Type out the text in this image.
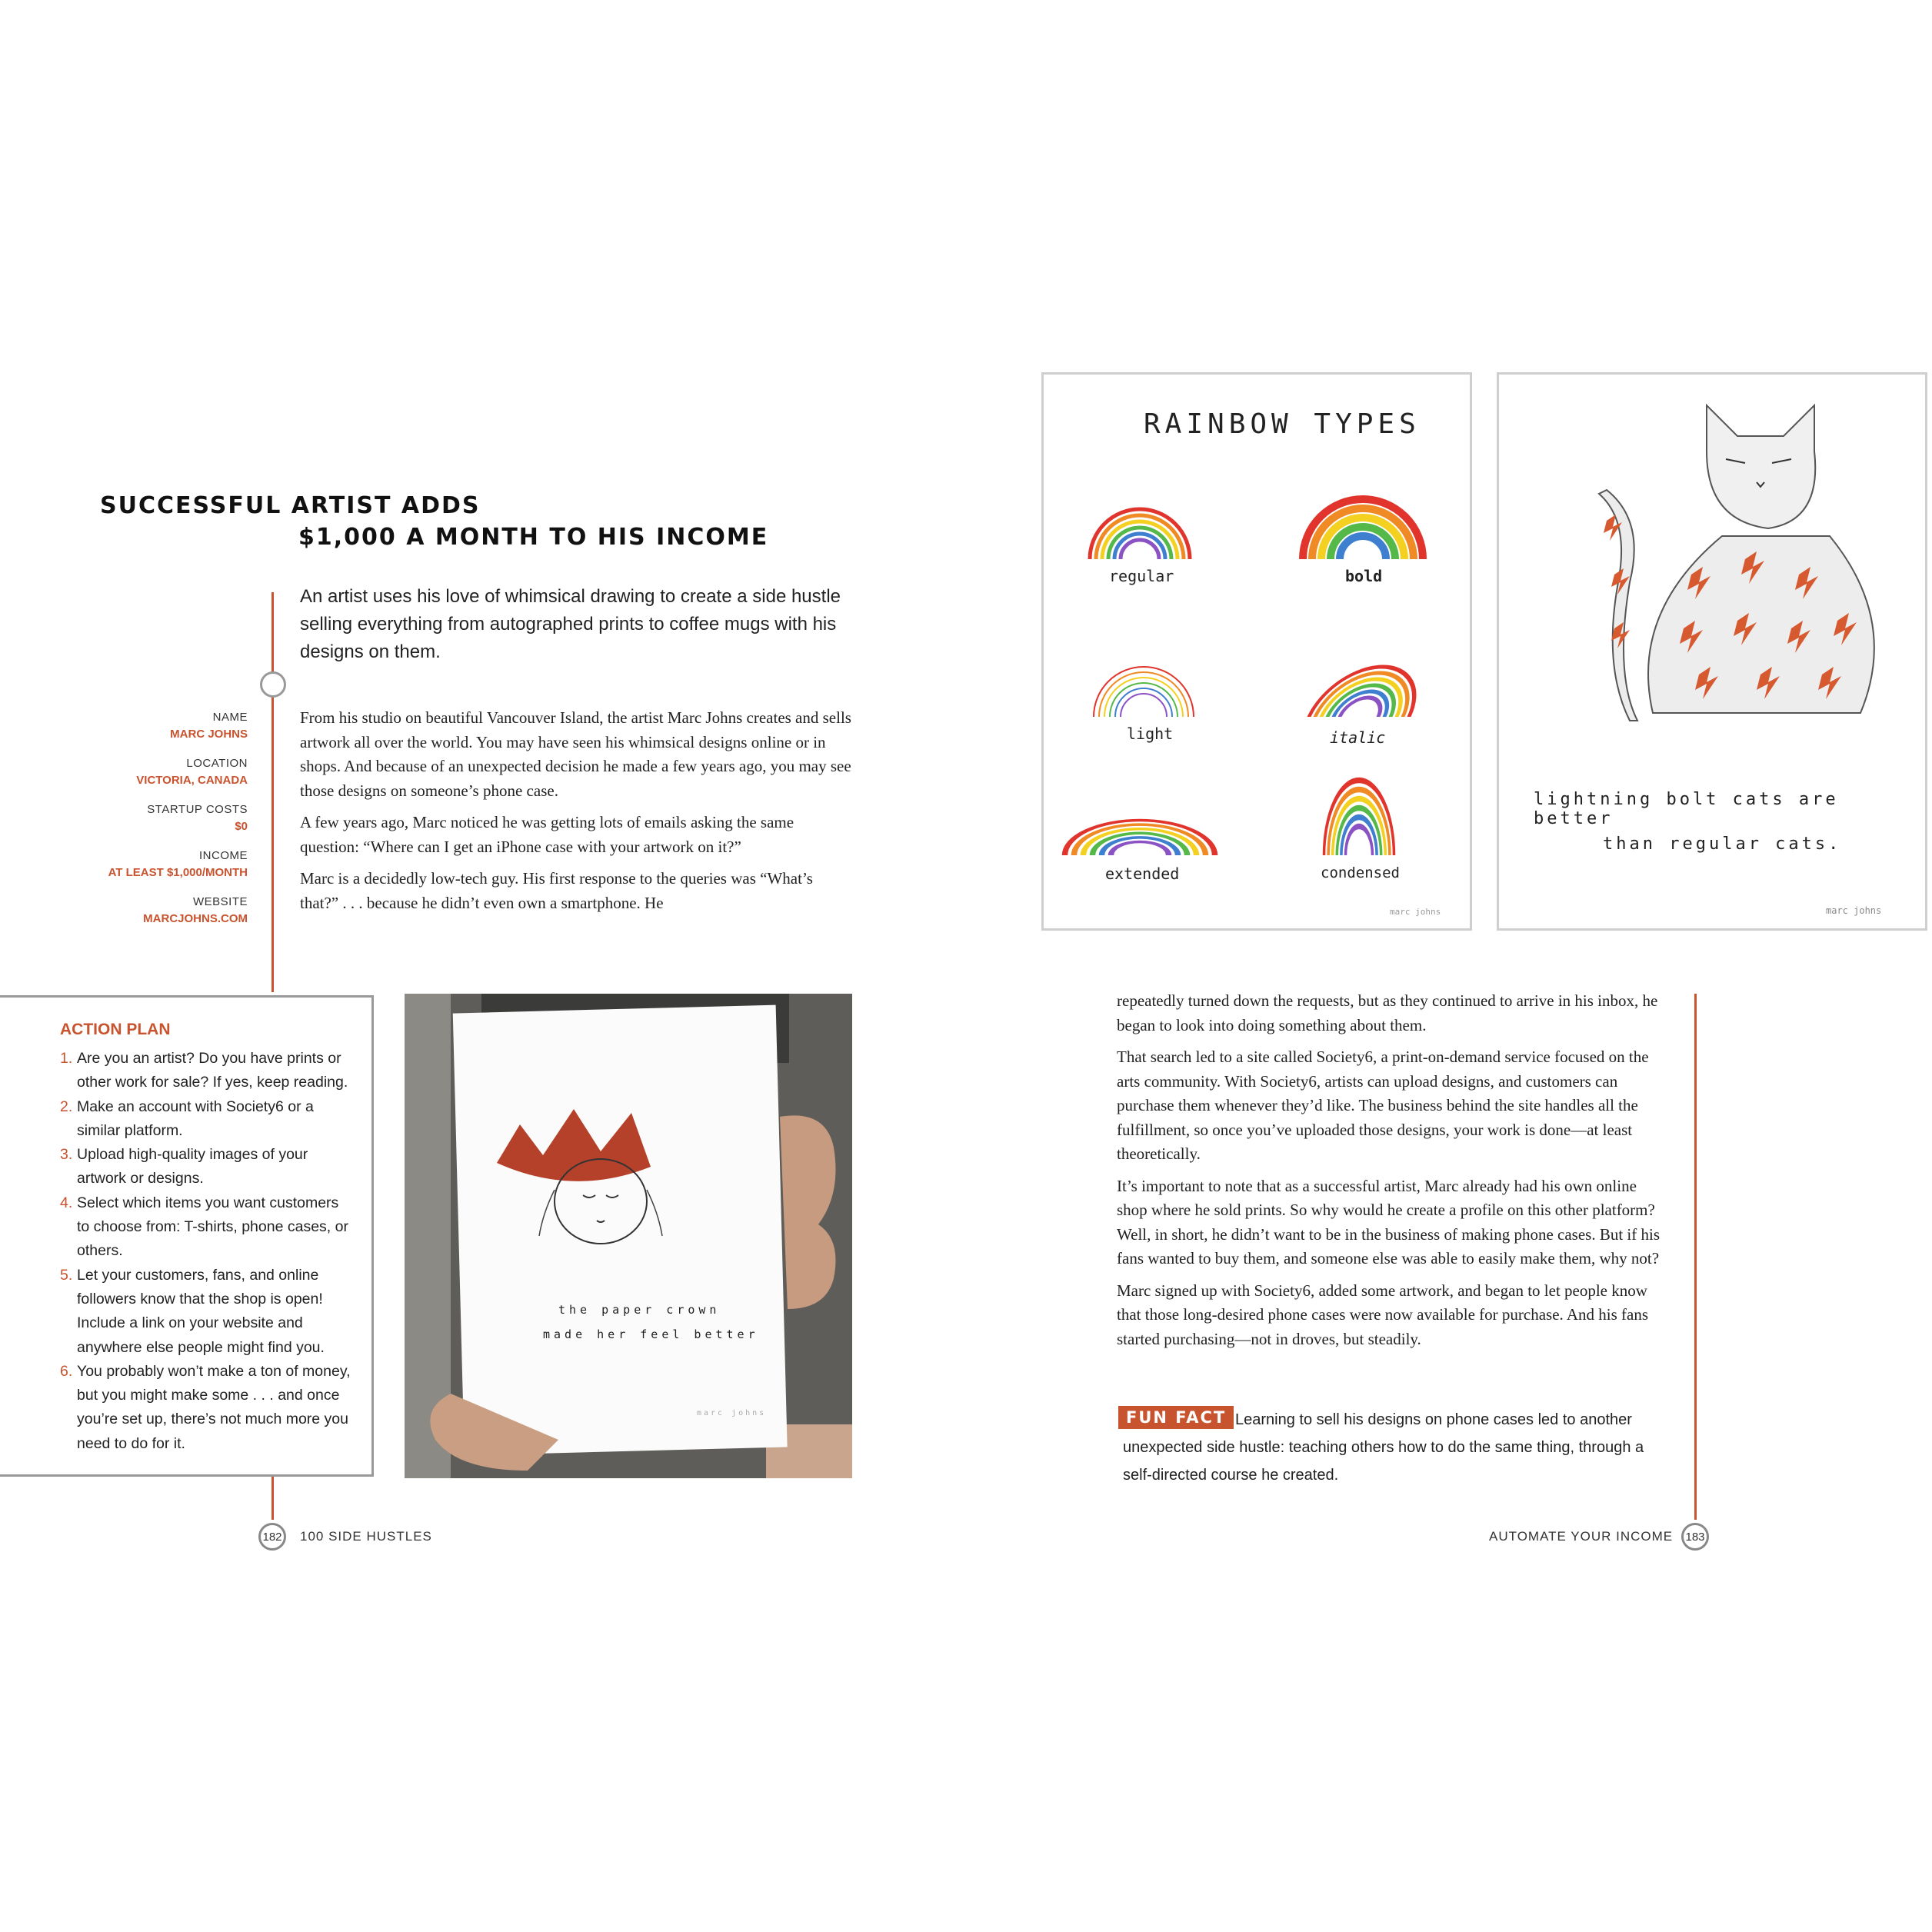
SUCCESSFUL ARTIST ADDS
$1,000 A MONTH TO HIS INCOME
An artist uses his love of whimsical drawing to create a side hustle selling everything from autographed prints to coffee mugs with his designs on them.
NAME
MARC JOHNS
LOCATION
VICTORIA, CANADA
STARTUP COSTS
$0
INCOME
AT LEAST $1,000/MONTH
WEBSITE
MARCJOHNS.COM

From his studio on beautiful Vancouver Island, the artist Marc Johns creates and sells artwork all over the world. You may have seen his whimsical designs online or in shops. And because of an unexpected decision he made a few years ago, you may see those designs on someone’s phone case.

A few years ago, Marc noticed he was getting lots of emails asking the same question: “Where can I get an iPhone case with your artwork on it?”

Marc is a decidedly low-tech guy. His first response to the queries was “What’s that?” . . . because he didn’t even own a smartphone. He

ACTION PLAN
1. Are you an artist? Do you have prints or other work for sale? If yes, keep reading.
2. Make an account with Society6 or a similar platform.
3. Upload high-quality images of your artwork or designs.
4. Select which items you want customers to choose from: T-shirts, phone cases, or others.
5. Let your customers, fans, and online followers know that the shop is open! Include a link on your website and anywhere else people might find you.
6. You probably won’t make a ton of money, but you might make some . . . and once you’re set up, there’s not much more you need to do for it.
the paper crown
made her feel better
marc johns
182	100 SIDE HUSTLES
RAINBOW TYPES
regular	bold
light	italic
extended	condensed
marc johns
lightning bolt cats are better
than regular cats.
marc johns

repeatedly turned down the requests, but as they continued to arrive in his inbox, he began to look into doing something about them.

That search led to a site called Society6, a print-on-demand service focused on the arts community. With Society6, artists can upload designs, and customers can purchase them whenever they’d like. The business behind the site handles all the fulfillment, so once you’ve uploaded those designs, your work is done—at least theoretically.

It’s important to note that as a successful artist, Marc already had his own online shop where he sold prints. So why would he create a profile on this other platform? Well, in short, he didn’t want to be in the business of making phone cases. But if his fans wanted to buy them, and someone else was able to easily make them, why not?

Marc signed up with Society6, added some artwork, and began to let people know that those long-desired phone cases were now available for purchase. And his fans started purchasing—not in droves, but steadily.

FUN FACT Learning to sell his designs on phone cases led to another unexpected side hustle: teaching others how to do the same thing, through a self-directed course he created.
AUTOMATE YOUR INCOME	183
